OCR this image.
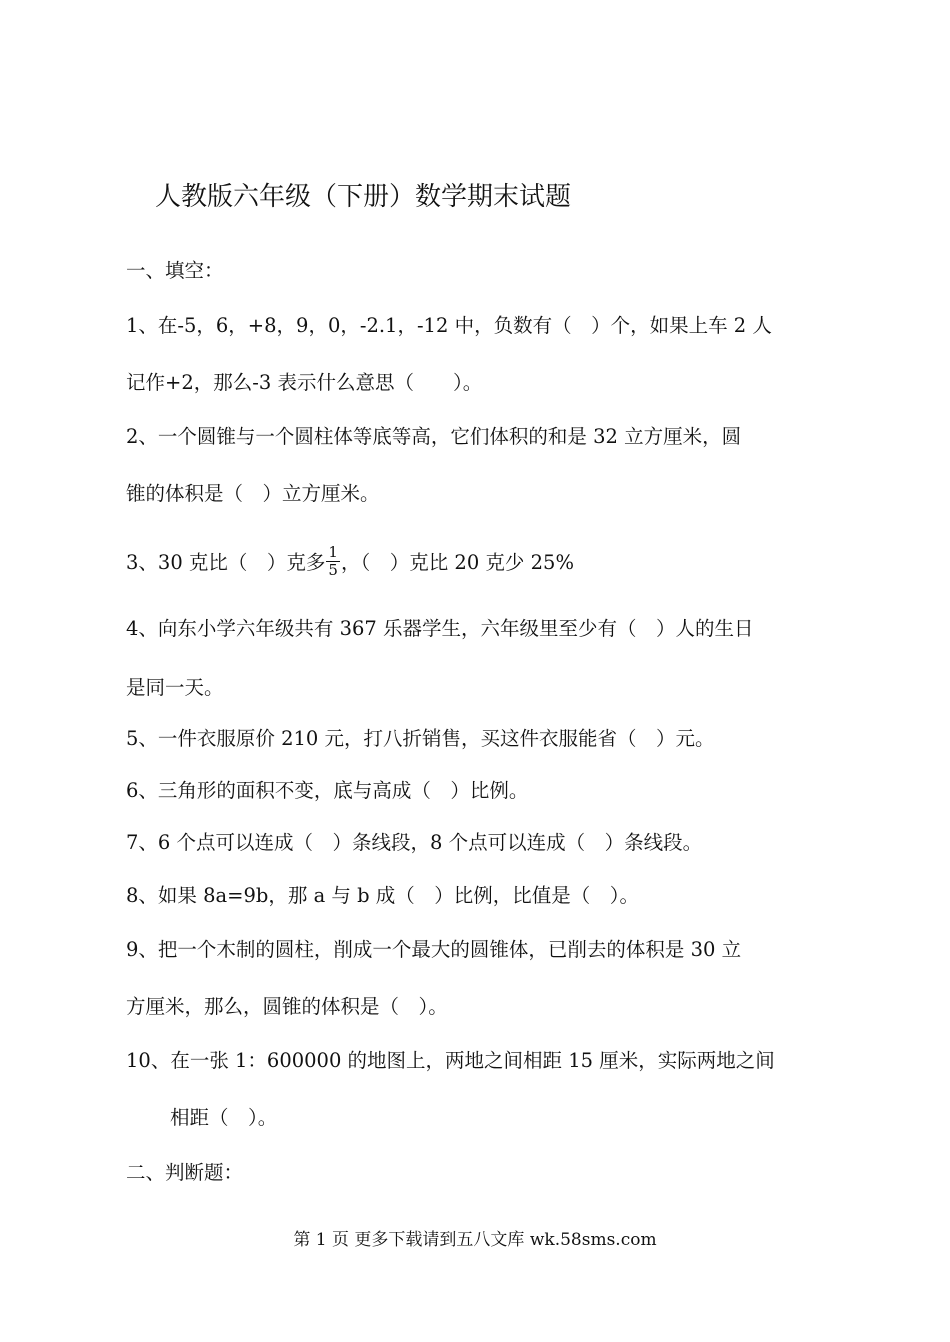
人教版六年级（下册）数学期末试题
一、填空：
1、在-5，6，+8，9，0，-2.1，-12 中，负数有（　）个，如果上车 2 人
记作+2，那么-3 表示什么意思（　　）。
2、一个圆锥与一个圆柱体等底等高，它们体积的和是 32 立方厘米，圆
锥的体积是（　）立方厘米。
3、30 克比（　）克多 $\frac{1}{5}$ ，（　）克比 20 克少 25%
4、向东小学六年级共有 367 乐器学生，六年级里至少有（　）人的生日
是同一天。
5、一件衣服原价 210 元，打八折销售，买这件衣服能省（　）元。
6、三角形的面积不变，底与高成（　）比例。
7、6 个点可以连成（　）条线段，8 个点可以连成（　）条线段。
8、如果 8a=9b，那 a 与 b 成（　）比例，比值是（　）。
9、把一个木制的圆柱，削成一个最大的圆锥体，已削去的体积是 30 立
方厘米，那么，圆锥的体积是（　）。
10、在一张 1：600000 的地图上，两地之间相距 15 厘米，实际两地之间
相距（　）。
二、判断题：
第 1 页 更多下载请到五八文库 wk.58sms.com
